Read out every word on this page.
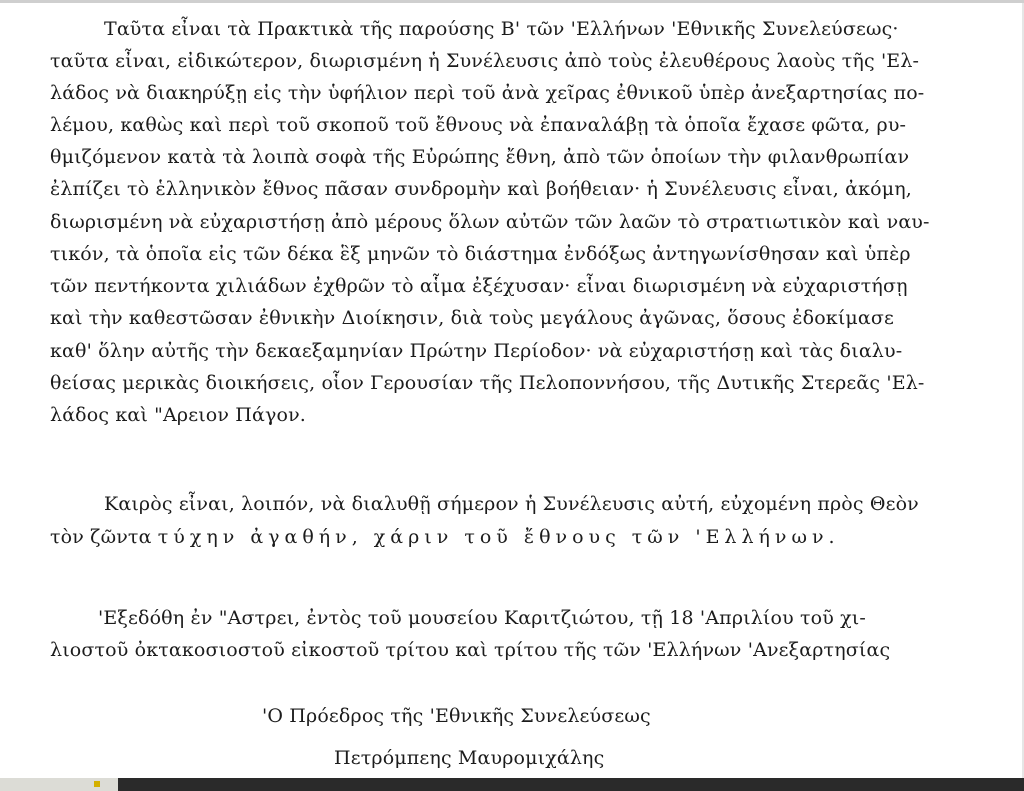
Ταῦτα εἶναι τὰ Πρακτικὰ τῆς παρούσης Β' τῶν 'Ελλήνων 'Εθνικῆς Συνελεύσεως·
ταῦτα εἶναι, εἰδικώτερον, διωρισμένη ἡ Συνέλευσις ἀπὸ τοὺς ἐλευθέρους λαοὺς τῆς 'Ελ-
λάδος νὰ διακηρύξῃ εἰς τὴν ὑφήλιον περὶ τοῦ ἀνὰ χεῖρας ἐθνικοῦ ὑπὲρ ἀνεξαρτησίας πο-
λέμου, καθὼς καὶ περὶ τοῦ σκοποῦ τοῦ ἔθνους νὰ ἐπαναλάβῃ τὰ ὁποῖα ἔχασε φῶτα, ρυ-
θμιζόμενον κατὰ τὰ λοιπὰ σοφὰ τῆς Εὐρώπης ἔθνη, ἀπὸ τῶν ὁποίων τὴν φιλανθρωπίαν
ἐλπίζει τὸ ἑλληνικὸν ἔθνος πᾶσαν συνδρομὴν καὶ βοήθειαν· ἡ Συνέλευσις εἶναι, ἀκόμη,
διωρισμένη νὰ εὐχαριστήσῃ ἀπὸ μέρους ὅλων αὐτῶν τῶν λαῶν τὸ στρατιωτικὸν καὶ ναυ-
τικόν, τὰ ὁποῖα εἰς τῶν δέκα ἓξ μηνῶν τὸ διάστημα ἐνδόξως ἀντηγωνίσθησαν καὶ ὑπὲρ
τῶν πεντήκοντα χιλιάδων ἐχθρῶν τὸ αἷμα ἐξέχυσαν· εἶναι διωρισμένη νὰ εὐχαριστήσῃ
καὶ τὴν καθεστῶσαν ἐθνικὴν Διοίκησιν, διὰ τοὺς μεγάλους ἀγῶνας, ὅσους ἐδοκίμασε
καθ' ὅλην αὐτῆς τὴν δεκαεξαμηνίαν Πρώτην Περίοδον· νὰ εὐχαριστήσῃ καὶ τὰς διαλυ-
θείσας μερικὰς διοικήσεις, οἷον Γερουσίαν τῆς Πελοποννήσου, τῆς Δυτικῆς Στερεᾶς 'Ελ-
λάδος καὶ "Αρειον Πάγον.
Καιρὸς εἶναι, λοιπόν, νὰ διαλυθῇ σήμερον ἡ Συνέλευσις αὐτή, εὐχομένη πρὸς Θεὸν
τὸν ζῶντα τύχην ἀγαθήν, χάριν τοῦ ἔθνους τῶν 'Ελλήνων.
'Εξεδόθη ἐν "Αστρει, ἐντὸς τοῦ μουσείου Καριτζιώτου, τῇ 18 'Απριλίου τοῦ χι-
λιοστοῦ ὀκτακοσιοστοῦ εἰκοστοῦ τρίτου καὶ τρίτου τῆς τῶν 'Ελλήνων 'Ανεξαρτησίας
'Ο Πρόεδρος τῆς 'Εθνικῆς Συνελεύσεως
Πετρόμπεης Μαυρομιχάλης
